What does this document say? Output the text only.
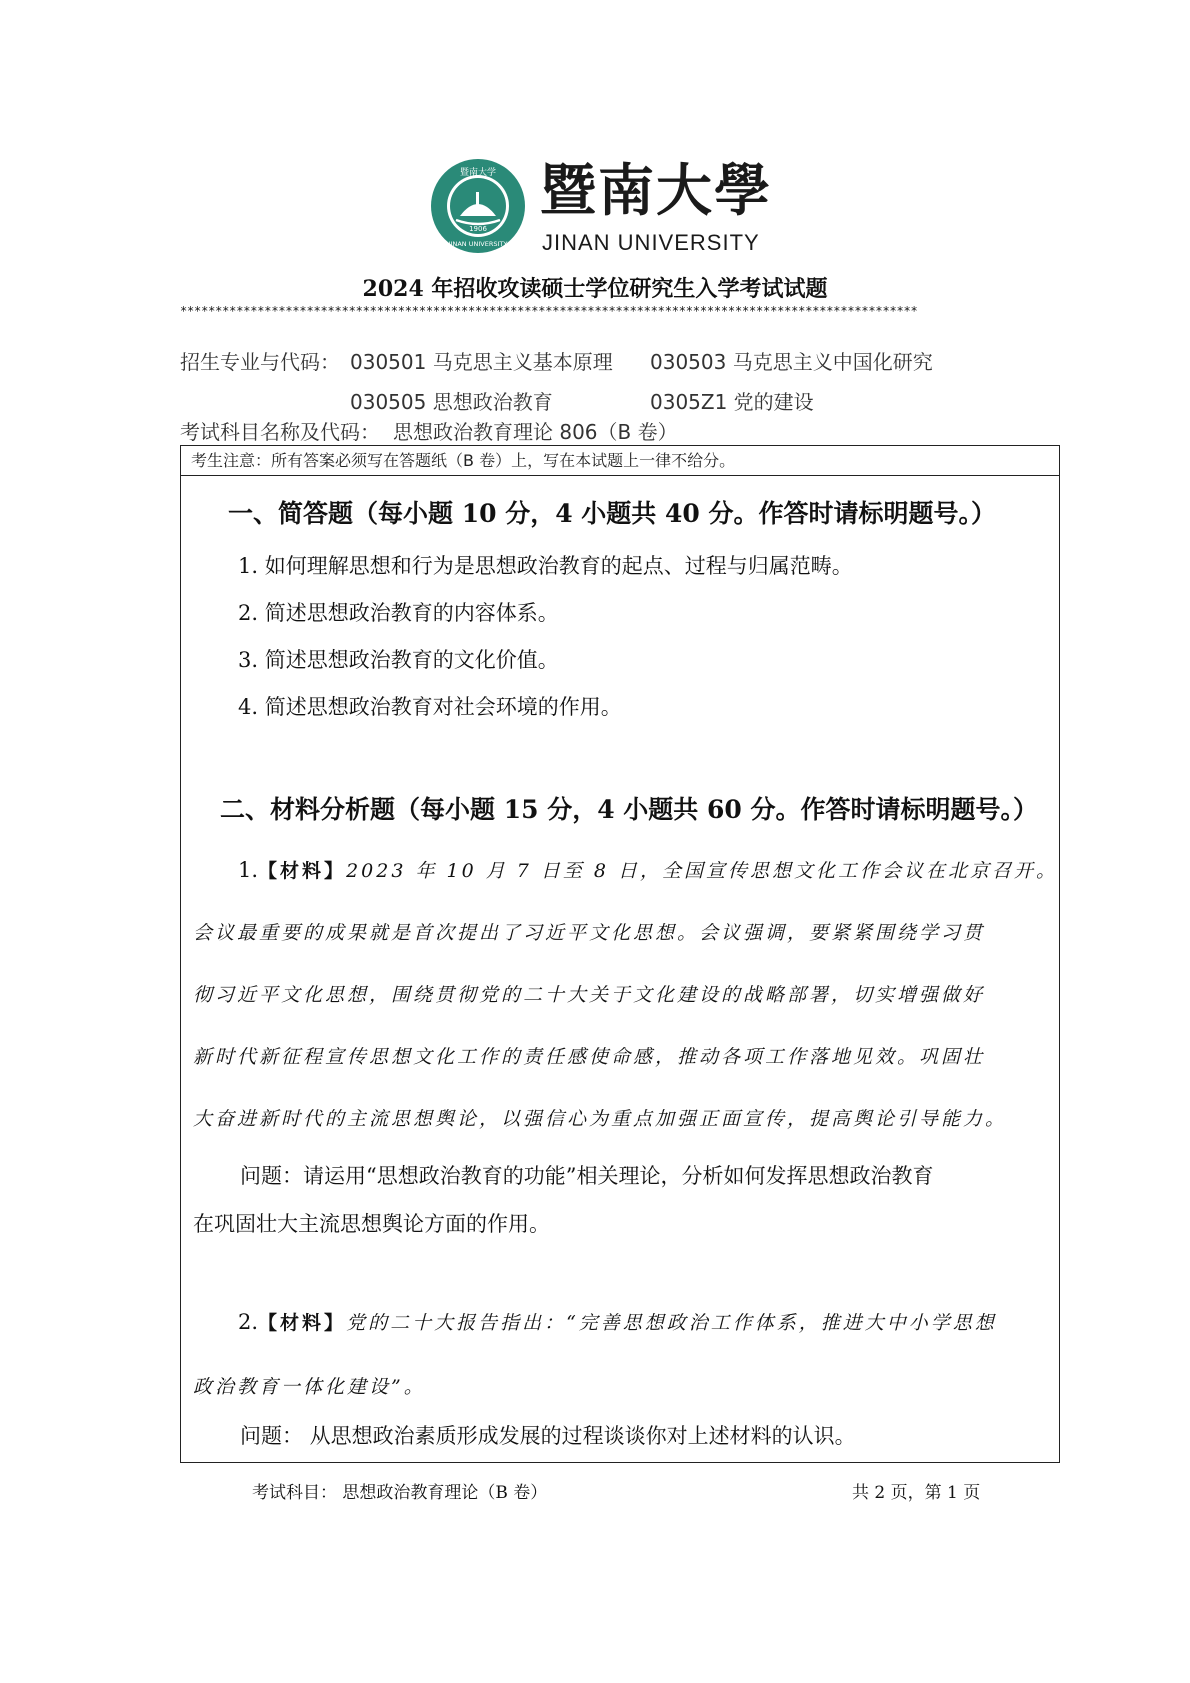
暨南大学
1906
JINAN UNIVERSITY
暨南大學
JINAN UNIVERSITY
2024 年招收攻读硕士学位研究生入学考试试题
*********************************************************************************************************
招生专业与代码： 030501 马克思主义基本原理 030503 马克思主义中国化研究
030505 思想政治教育	0305Z1 党的建设
考试科目名称及代码： 思想政治教育理论 806（B 卷）
考生注意：所有答案必须写在答题纸（B 卷）上，写在本试题上一律不给分。
一、简答题（每小题 10 分，4 小题共 40 分。作答时请标明题号。）
1. 如何理解思想和行为是思想政治教育的起点、过程与归属范畴。
2. 简述思想政治教育的内容体系。
3. 简述思想政治教育的文化价值。
4. 简述思想政治教育对社会环境的作用。
二、材料分析题（每小题 15 分，4 小题共 60 分。作答时请标明题号。）
1.【材料】2023 年 10 月 7 日至 8 日，全国宣传思想文化工作会议在北京召开。
会议最重要的成果就是首次提出了习近平文化思想。会议强调，要紧紧围绕学习贯
彻习近平文化思想，围绕贯彻党的二十大关于文化建设的战略部署，切实增强做好
新时代新征程宣传思想文化工作的责任感使命感，推动各项工作落地见效。巩固壮
大奋进新时代的主流思想舆论，以强信心为重点加强正面宣传，提高舆论引导能力。
问题：请运用“思想政治教育的功能”相关理论，分析如何发挥思想政治教育
在巩固壮大主流思想舆论方面的作用。
2.【材料】党的二十大报告指出：“完善思想政治工作体系，推进大中小学思想
政治教育一体化建设”。
问题： 从思想政治素质形成发展的过程谈谈你对上述材料的认识。
考试科目： 思想政治教育理论（B 卷）	共 2 页，第 1 页
